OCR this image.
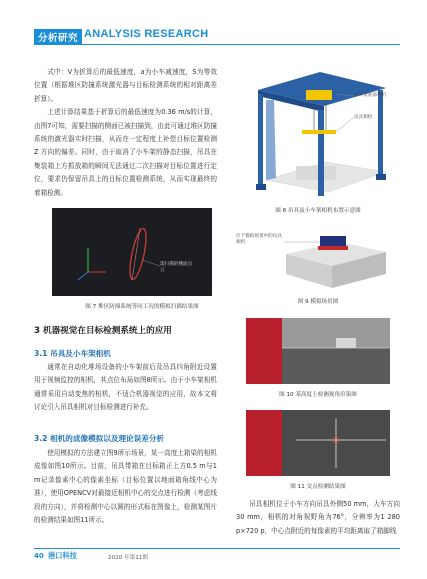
分析研究 ANALYSIS RESEARCH

式中：V为折算后的最低速度，a为小车减速度，S为等效位置（根据堆区防撞系统激光器与目标检测系统的相对距离差折算）。

上述计算结果基于折算后的最低速度为0.36 m/s的计算，由图7可知，需要扫描的侧面已被扫描到，由此可通过堆区防撞系统的激光器实时扫描，从而在一定程度上补偿目标位置检测 Z 方向的偏差。同时，由于取消了小车架的静态扫描，吊具在集装箱上方抓放箱的瞬间无法通过二次扫描对目标位置进行定位，要求仍保留吊具上的目标位置检测系统，从而实现最终的着箱检测。

小车架底部相机
吊具相机
图 8 吊具及小车架相机布置示意图
需扫描的侧面点云
图 7 堆区防撞系统等同工况的模拟扫描结果图
位于模拟场景中的吊具相机
图 9 模拟场景图
3 机器视觉在目标检测系统上的应用
3.1 吊具及小车架相机

通常在自动化堆场设备的小车架前后及吊具四角附近设置用于视频监控的相机，其点位布局如图8所示。由于小车架相机通常采用自动变焦的相机，不适合机器视觉的应用，故本文将讨论引入吊具相机对目标检测进行补充。

3.2 相机的成像模拟以及理论误差分析

使用模拟的方法建立图9所示场景，某一高度上箱染的相机成像如图10所示。目前，吊具带箱在目标箱正上方0.5 m与1 m记录像素中心的像素坐标（目标位置以地面箱角线中心为准），使用OPENCV对最接近相机中心的交点进行检测（考虑线段的方向），并将检测中心以圆的形式标在图像上，检测某图片的检测结果如图11所示。

图 10 某高度上检测视角渲染图
图 11 交点检测结果图

吊具相机位于小车方向吊具外侧50 mm，大车方向30 mm，相机的对角视野角为76°，分辨率为1 280 p×720 p，中心点附近的每像素的平均距离取了箱脚线

40 港口科技	2020 年第11期
